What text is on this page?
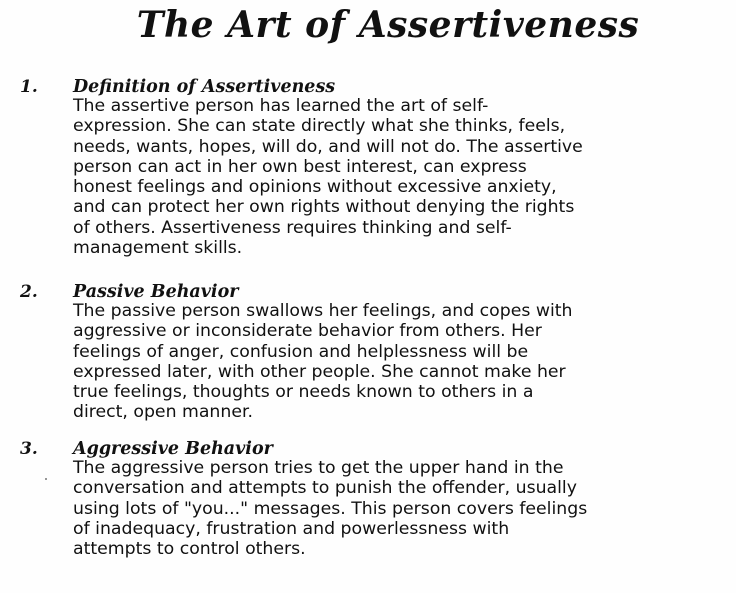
The Art of Assertiveness
1. Definition of Assertiveness
The assertive person has learned the art of self-
expression. She can state directly what she thinks, feels,
needs, wants, hopes, will do, and will not do. The assertive
person can act in her own best interest, can express
honest feelings and opinions without excessive anxiety,
and can protect her own rights without denying the rights
of others. Assertiveness requires thinking and self-
management skills.
2. Passive Behavior
The passive person swallows her feelings, and copes with
aggressive or inconsiderate behavior from others. Her
feelings of anger, confusion and helplessness will be
expressed later, with other people. She cannot make her
true feelings, thoughts or needs known to others in a
direct, open manner.
3. Aggressive Behavior
The aggressive person tries to get the upper hand in the
conversation and attempts to punish the offender, usually
using lots of "you..." messages. This person covers feelings
of inadequacy, frustration and powerlessness with
attempts to control others.
